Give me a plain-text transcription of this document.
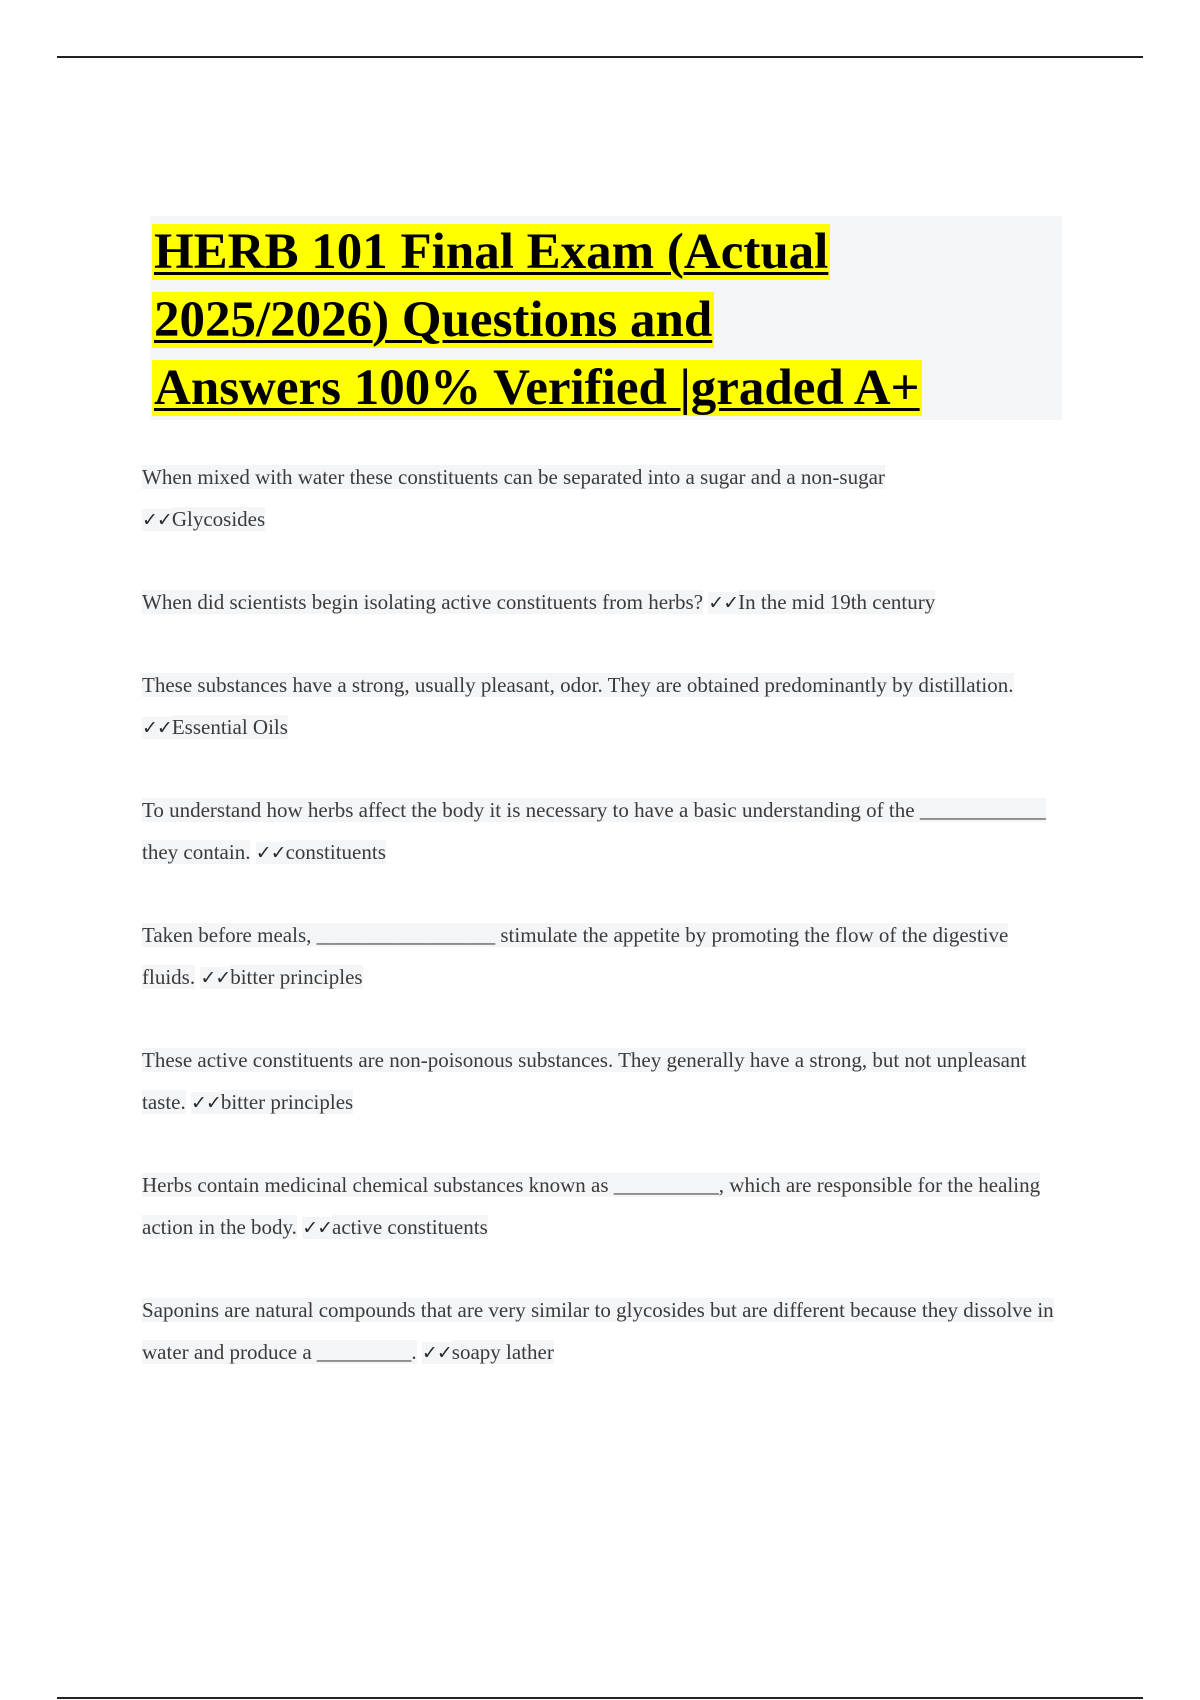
HERB 101 Final Exam (Actual
2025/2026) Questions and
Answers 100% Verified |graded A+

When mixed with water these constituents can be separated into a sugar and a non-sugar
✓✓Glycosides

When did scientists begin isolating active constituents from herbs? ✓✓In the mid 19th century

These substances have a strong, usually pleasant, odor. They are obtained predominantly by distillation. ✓✓Essential Oils

To understand how herbs affect the body it is necessary to have a basic understanding of the ____________ they contain. ✓✓constituents

Taken before meals, _________________ stimulate the appetite by promoting the flow of the digestive fluids. ✓✓bitter principles

These active constituents are non-poisonous substances. They generally have a strong, but not unpleasant taste. ✓✓bitter principles

Herbs contain medicinal chemical substances known as __________, which are responsible for the healing action in the body. ✓✓active constituents

Saponins are natural compounds that are very similar to glycosides but are different because they dissolve in water and produce a _________. ✓✓soapy lather
